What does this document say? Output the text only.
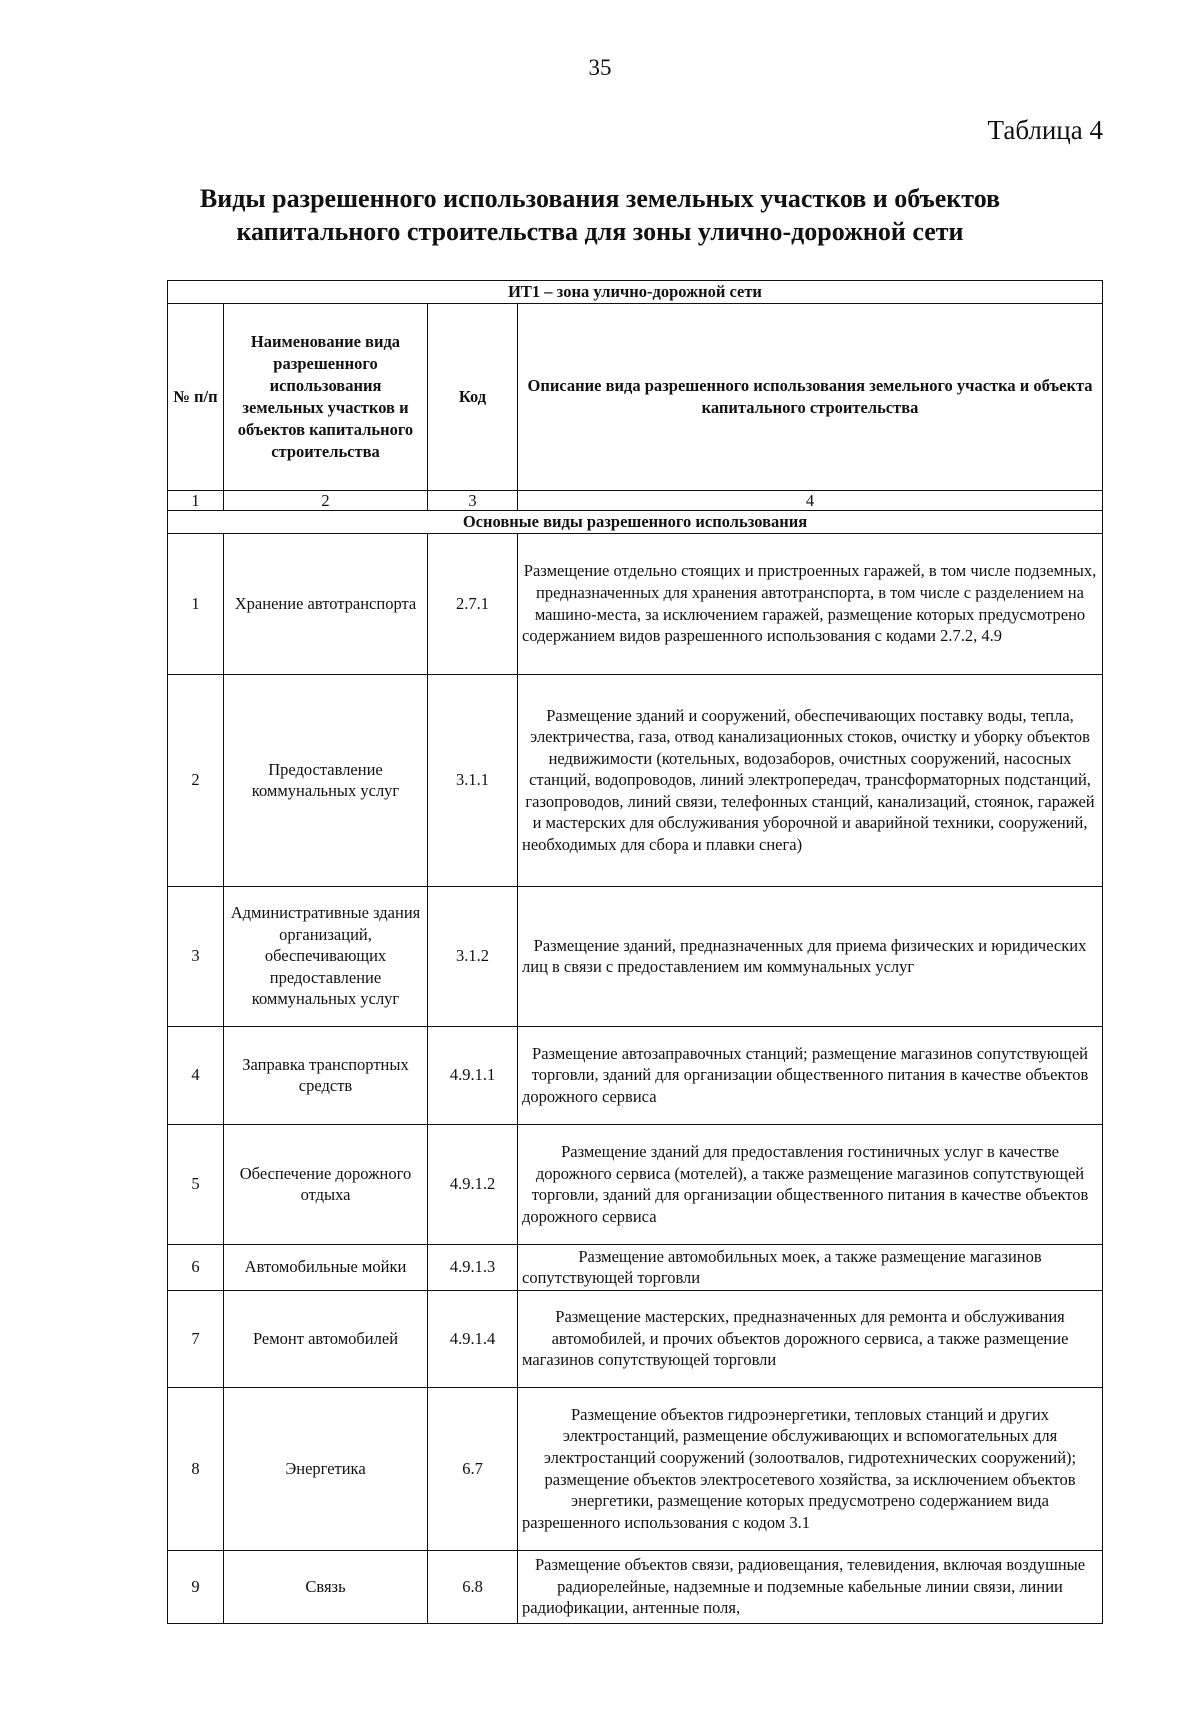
35
Таблица 4
Виды разрешенного использования земельных участков и объектов
капитального строительства для зоны улично-дорожной сети
ИТ1 – зона улично-дорожной сети			
№ п/п	Наименование вида разрешенного использования земельных участков и объектов капитального строительства	Код	Описание вида разрешенного использования земельного участка и объекта капитального строительства
1	2	3	4
Основные виды разрешенного использования			
1	Хранение автотранспорта	2.7.1	Размещение отдельно стоящих и пристроенных гаражей, в том числе подземных, предназначенных для хранения автотранспорта, в том числе с разделением на машино-места, за исключением гаражей, размещение которых предусмотрено содержанием видов разрешенного использования с кодами 2.7.2, 4.9
2	Предоставление коммунальных услуг	3.1.1	Размещение зданий и сооружений, обеспечивающих поставку воды, тепла, электричества, газа, отвод канализационных стоков, очистку и уборку объектов недвижимости (котельных, водозаборов, очистных сооружений, насосных станций, водопроводов, линий электропередач, трансформаторных подстанций, газопроводов, линий связи, телефонных станций, канализаций, стоянок, гаражей и мастерских для обслуживания уборочной и аварийной техники, сооружений, необходимых для сбора и плавки снега)
3	Административные здания организаций, обеспечивающих предоставление коммунальных услуг	3.1.2	Размещение зданий, предназначенных для приема физических и юридических лиц в связи с предоставлением им коммунальных услуг
4	Заправка транспортных средств	4.9.1.1	Размещение автозаправочных станций; размещение магазинов сопутствующей торговли, зданий для организации общественного питания в качестве объектов дорожного сервиса
5	Обеспечение дорожного отдыха	4.9.1.2	Размещение зданий для предоставления гостиничных услуг в качестве дорожного сервиса (мотелей), а также размещение магазинов сопутствующей торговли, зданий для организации общественного питания в качестве объектов дорожного сервиса
6	Автомобильные мойки	4.9.1.3	Размещение автомобильных моек, а также размещение магазинов сопутствующей торговли
7	Ремонт автомобилей	4.9.1.4	Размещение мастерских, предназначенных для ремонта и обслуживания автомобилей, и прочих объектов дорожного сервиса, а также размещение магазинов сопутствующей торговли
8	Энергетика	6.7	Размещение объектов гидроэнергетики, тепловых станций и других электростанций, размещение обслуживающих и вспомогательных для электростанций сооружений (золоотвалов, гидротехнических сооружений); размещение объектов электросетевого хозяйства, за исключением объектов энергетики, размещение которых предусмотрено содержанием вида разрешенного использования с кодом 3.1
9	Связь	6.8	Размещение объектов связи, радиовещания, телевидения, включая воздушные радиорелейные, надземные и подземные кабельные линии связи, линии радиофикации, антенные поля,
